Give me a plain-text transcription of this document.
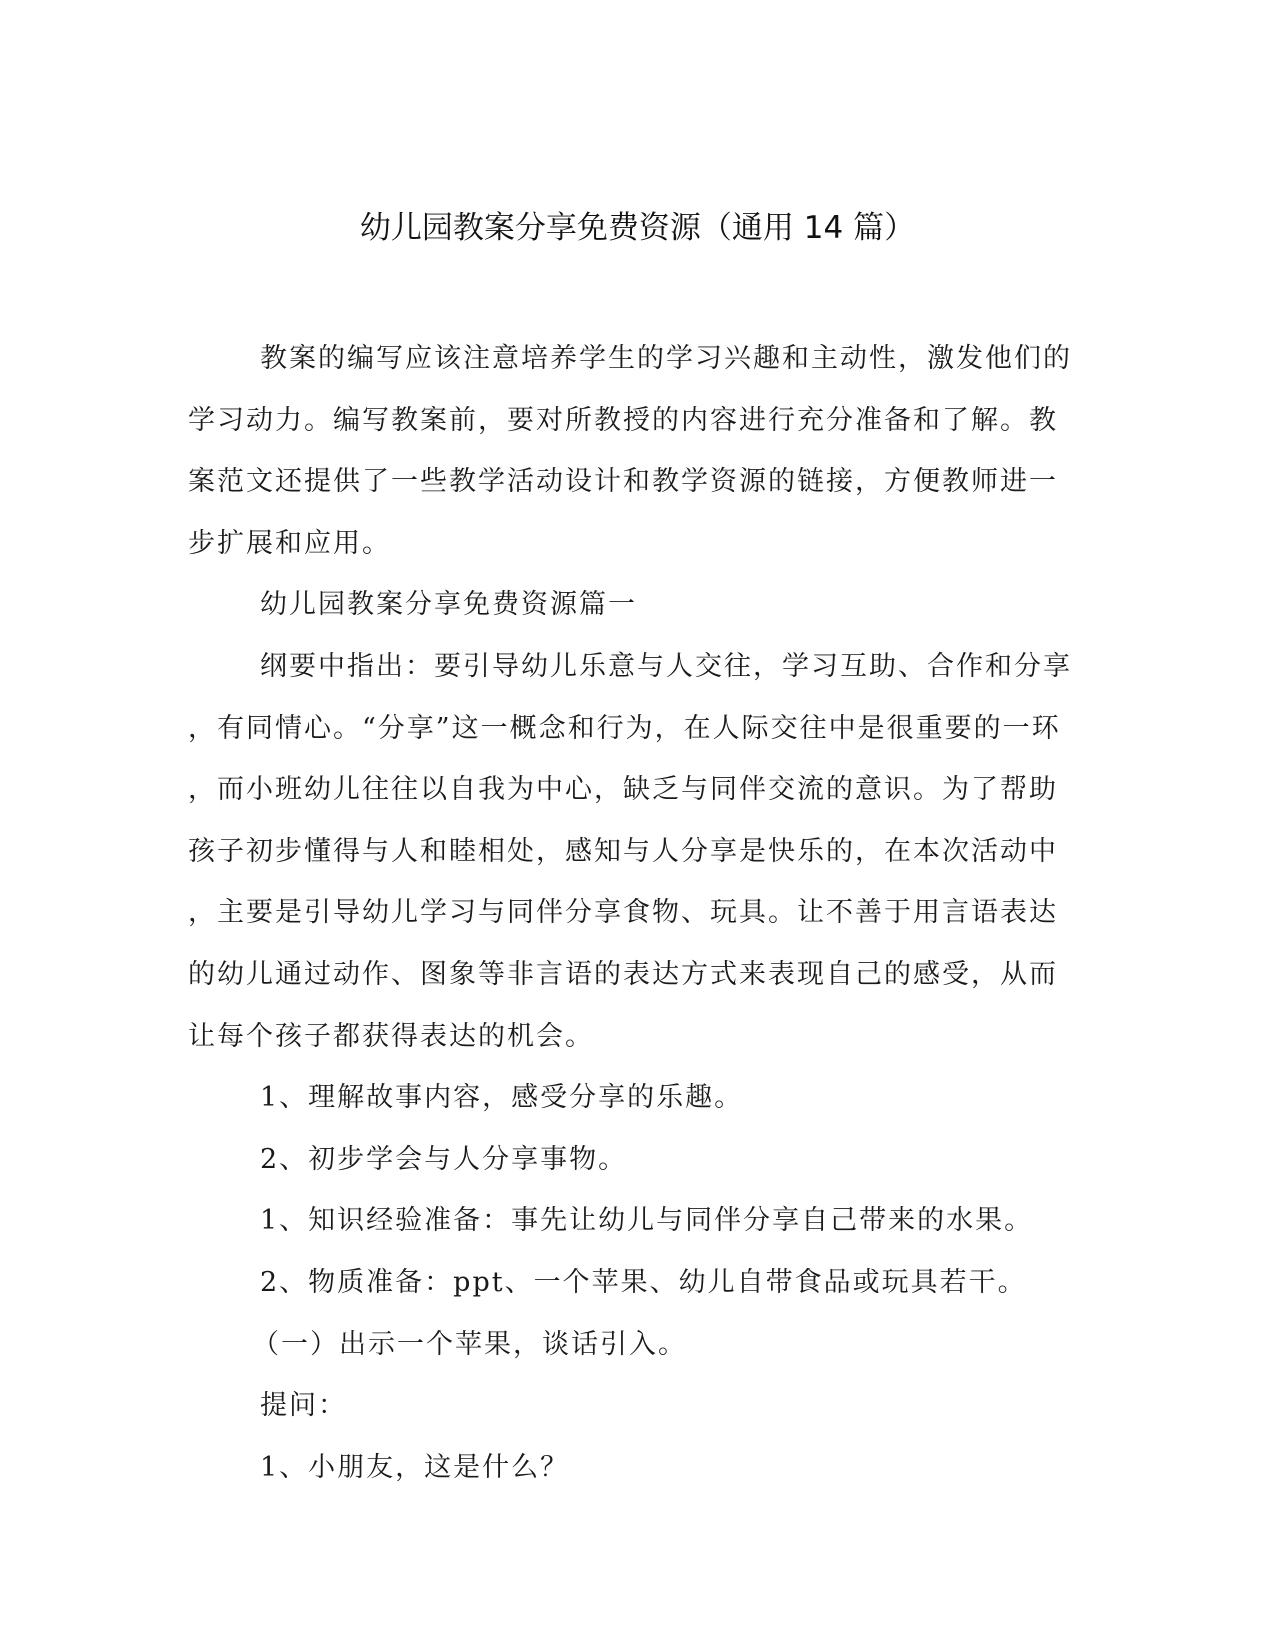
幼儿园教案分享免费资源（通用 14 篇）

教案的编写应该注意培养学生的学习兴趣和主动性，激发他们的

学习动力。编写教案前，要对所教授的内容进行充分准备和了解。教

案范文还提供了一些教学活动设计和教学资源的链接，方便教师进一

步扩展和应用。

幼儿园教案分享免费资源篇一

纲要中指出：要引导幼儿乐意与人交往，学习互助、合作和分享

，有同情心。“分享”这一概念和行为，在人际交往中是很重要的一环

，而小班幼儿往往以自我为中心，缺乏与同伴交流的意识。为了帮助

孩子初步懂得与人和睦相处，感知与人分享是快乐的，在本次活动中

，主要是引导幼儿学习与同伴分享食物、玩具。让不善于用言语表达

的幼儿通过动作、图象等非言语的表达方式来表现自己的感受，从而

让每个孩子都获得表达的机会。

1、理解故事内容，感受分享的乐趣。

2、初步学会与人分享事物。

1、知识经验准备：事先让幼儿与同伴分享自己带来的水果。

2、物质准备：ppt、一个苹果、幼儿自带食品或玩具若干。

（一）出示一个苹果，谈话引入。

提问：

1、小朋友，这是什么？
